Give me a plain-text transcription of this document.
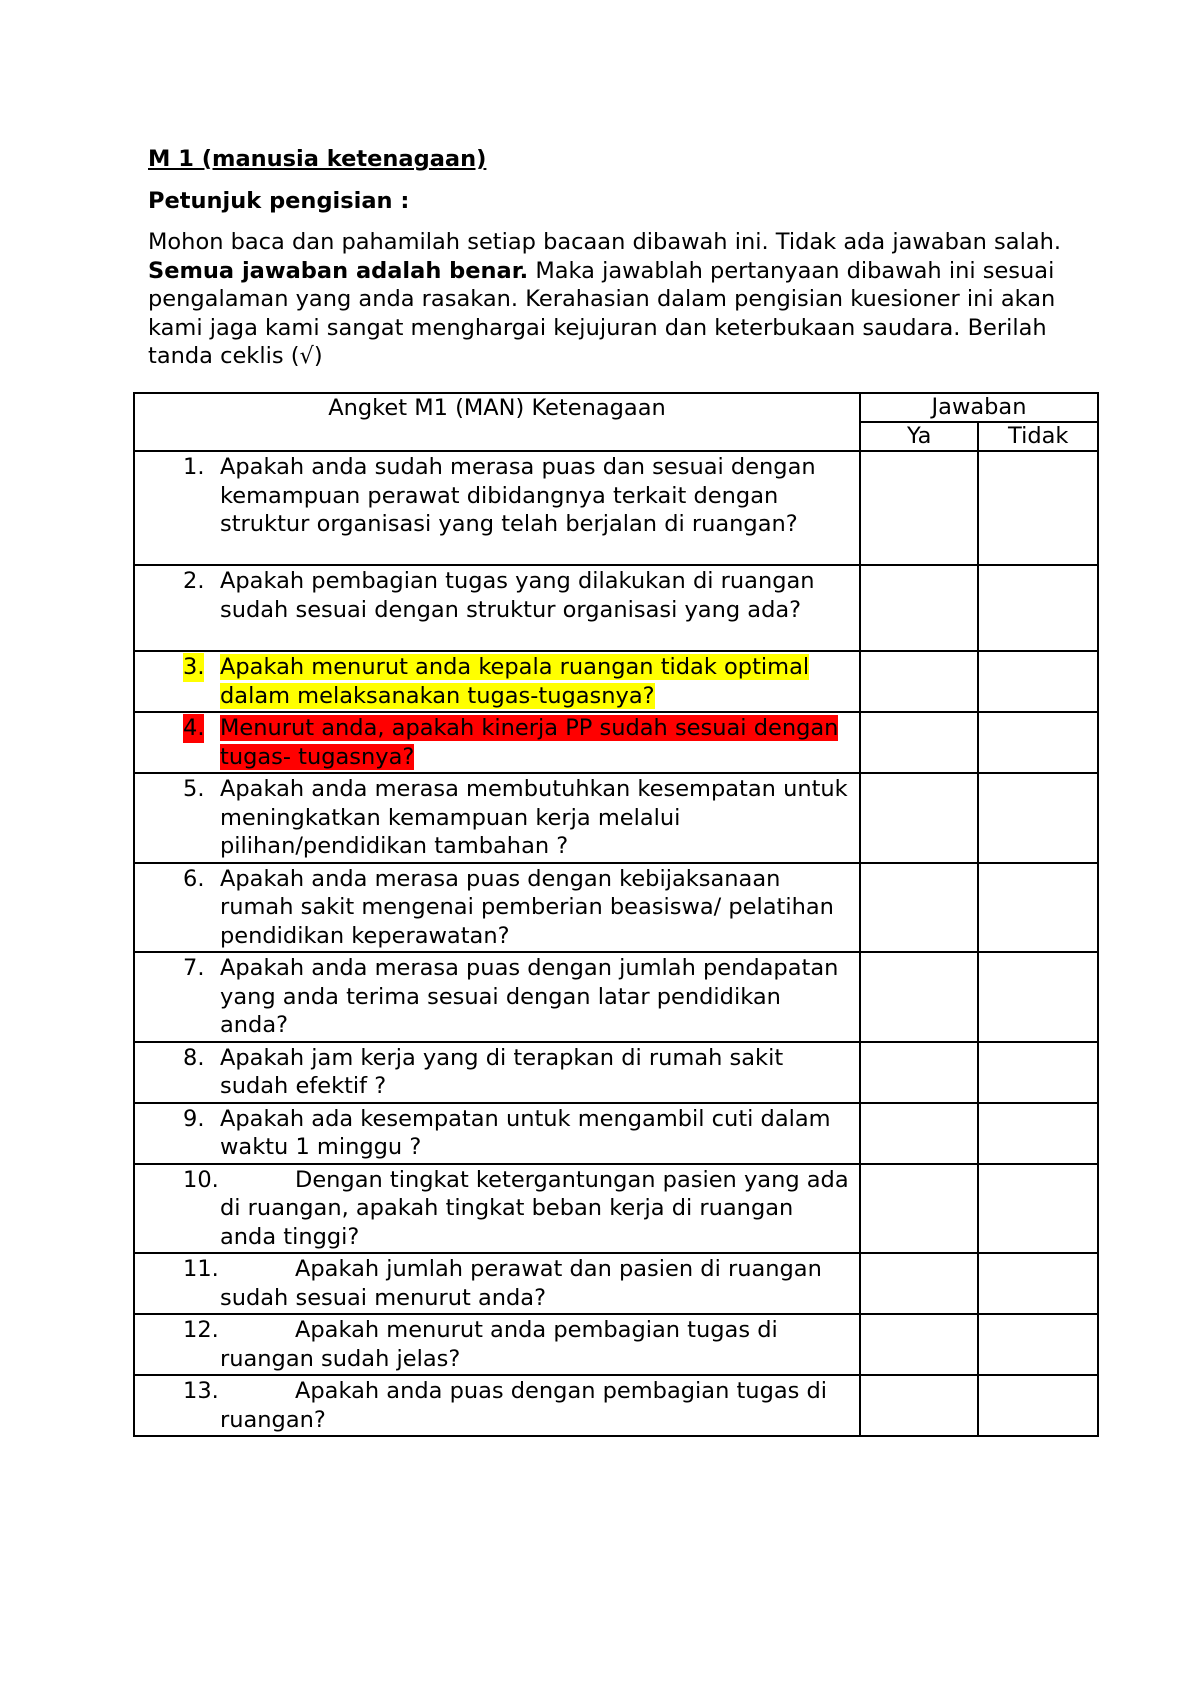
M 1 (manusia ketenagaan)

Petunjuk pengisian :

Mohon baca dan pahamilah setiap bacaan dibawah ini. Tidak ada jawaban salah. Semua jawaban adalah benar. Maka jawablah pertanyaan dibawah ini sesuai pengalaman yang anda rasakan. Kerahasian dalam pengisian kuesioner ini akan kami jaga kami sangat menghargai kejujuran dan keterbukaan saudara. Berilah tanda ceklis (√)

Angket M1 (MAN) Ketenagaan	Jawaban	
	Ya	Tidak

1. Apakah anda sudah merasa puas dan sesuai dengan kemampuan perawat dibidangnya terkait dengan struktur organisasi yang telah berjalan di ruangan?		

2. Apakah pembagian tugas yang dilakukan di ruangan sudah sesuai dengan struktur organisasi yang ada?		

3. Apakah menurut anda kepala ruangan tidak optimal dalam melaksanakan tugas-tugasnya?		

4. Menurut anda, apakah kinerja PP sudah sesuai dengan tugas- tugasnya?		

5. Apakah anda merasa membutuhkan kesempatan untuk meningkatkan kemampuan kerja melalui pilihan/pendidikan tambahan ?		

6. Apakah anda merasa puas dengan kebijaksanaan rumah sakit mengenai pemberian beasiswa/ pelatihan pendidikan keperawatan?		

7. Apakah anda merasa puas dengan jumlah pendapatan yang anda terima sesuai dengan latar pendidikan anda?		

8. Apakah jam kerja yang di terapkan di rumah sakit sudah efektif ?		

9. Apakah ada kesempatan untuk mengambil cuti dalam waktu 1 minggu ?		

10. Dengan tingkat ketergantungan pasien yang ada di ruangan, apakah tingkat beban kerja di ruangan anda tinggi?		

11. Apakah jumlah perawat dan pasien di ruangan sudah sesuai menurut anda?		

12. Apakah menurut anda pembagian tugas di ruangan sudah jelas?		

13. Apakah anda puas dengan pembagian tugas di ruangan?		
